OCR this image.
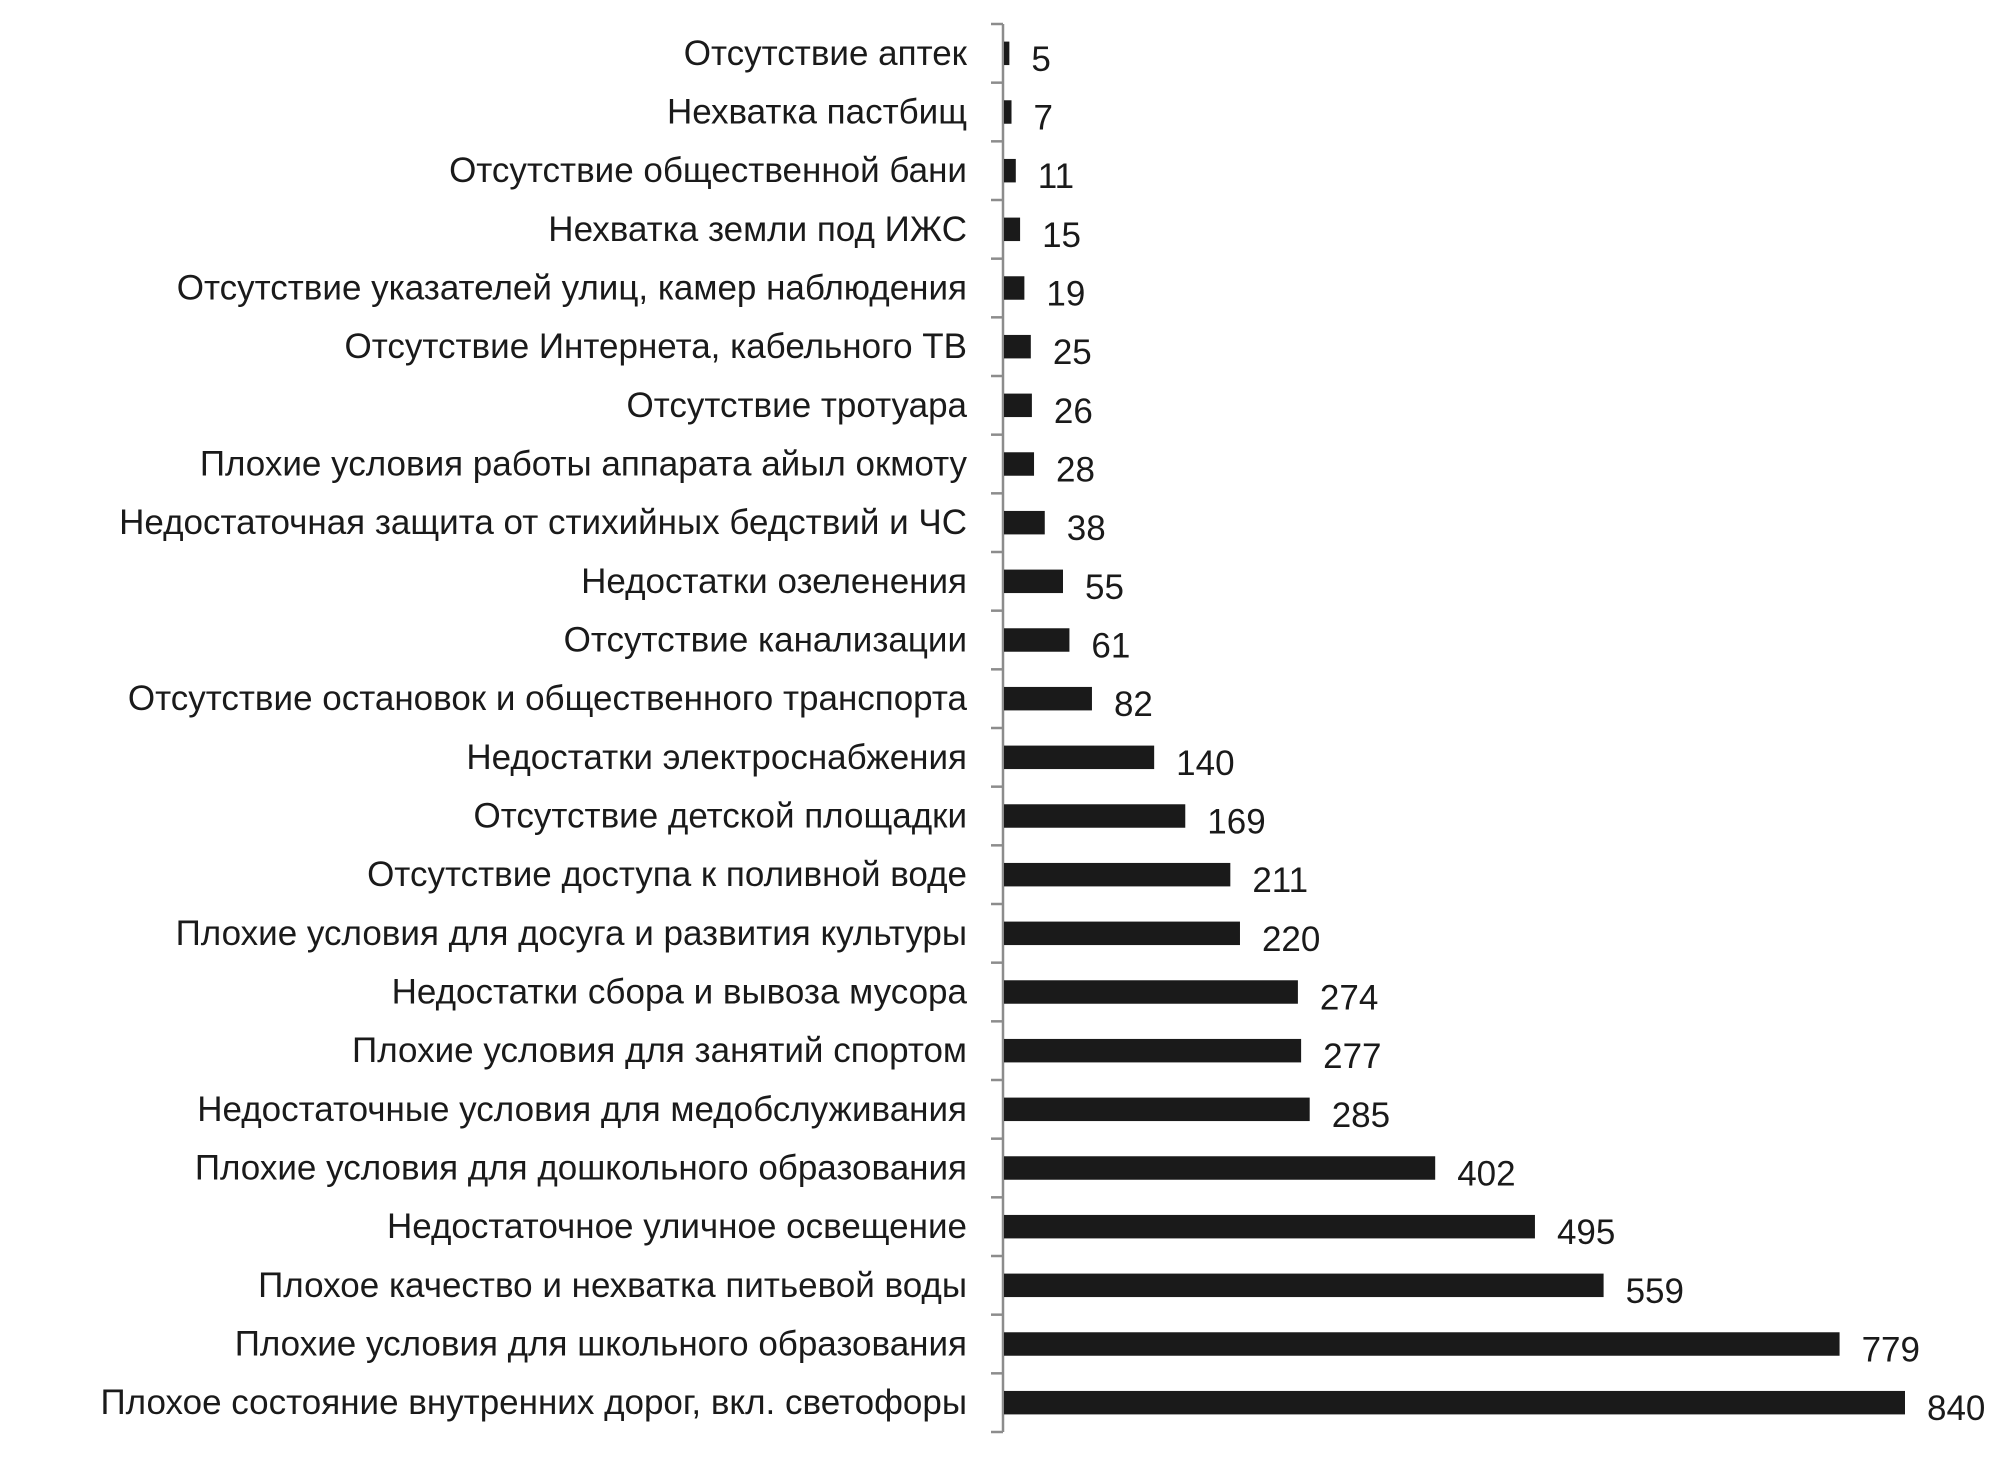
Отсутствие аптек
Нехватка пастбищ
Отсутствие общественной бани
Нехватка земли под ИЖС
Отсутствие указателей улиц, камер наблюдения
Отсутствие Интернета, кабельного ТВ
Отсутствие тротуара
Плохие условия работы аппарата айыл окмоту
Недостаточная защита от стихийных бедствий и ЧС
Недостатки озеленения
Отсутствие канализации
Отсутствие остановок и общественного транспорта
Недостатки электроснабжения
Отсутствие детской площадки
Отсутствие доступа к поливной воде
Плохие условия для досуга и развития культуры
Недостатки сбора и вывоза мусора
Плохие условия для занятий спортом
Недостаточные условия для медобслуживания
Плохие условия для дошкольного образования
Недостаточное уличное освещение
Плохое качество и нехватка питьевой воды
Плохие условия для школьного образования
Плохое состояние внутренних дорог, вкл. светофоры
5
7
11
15
19
25
26
28
38
55
61
82
140
169
211
220
274
277
285
402
495
559
779
840
